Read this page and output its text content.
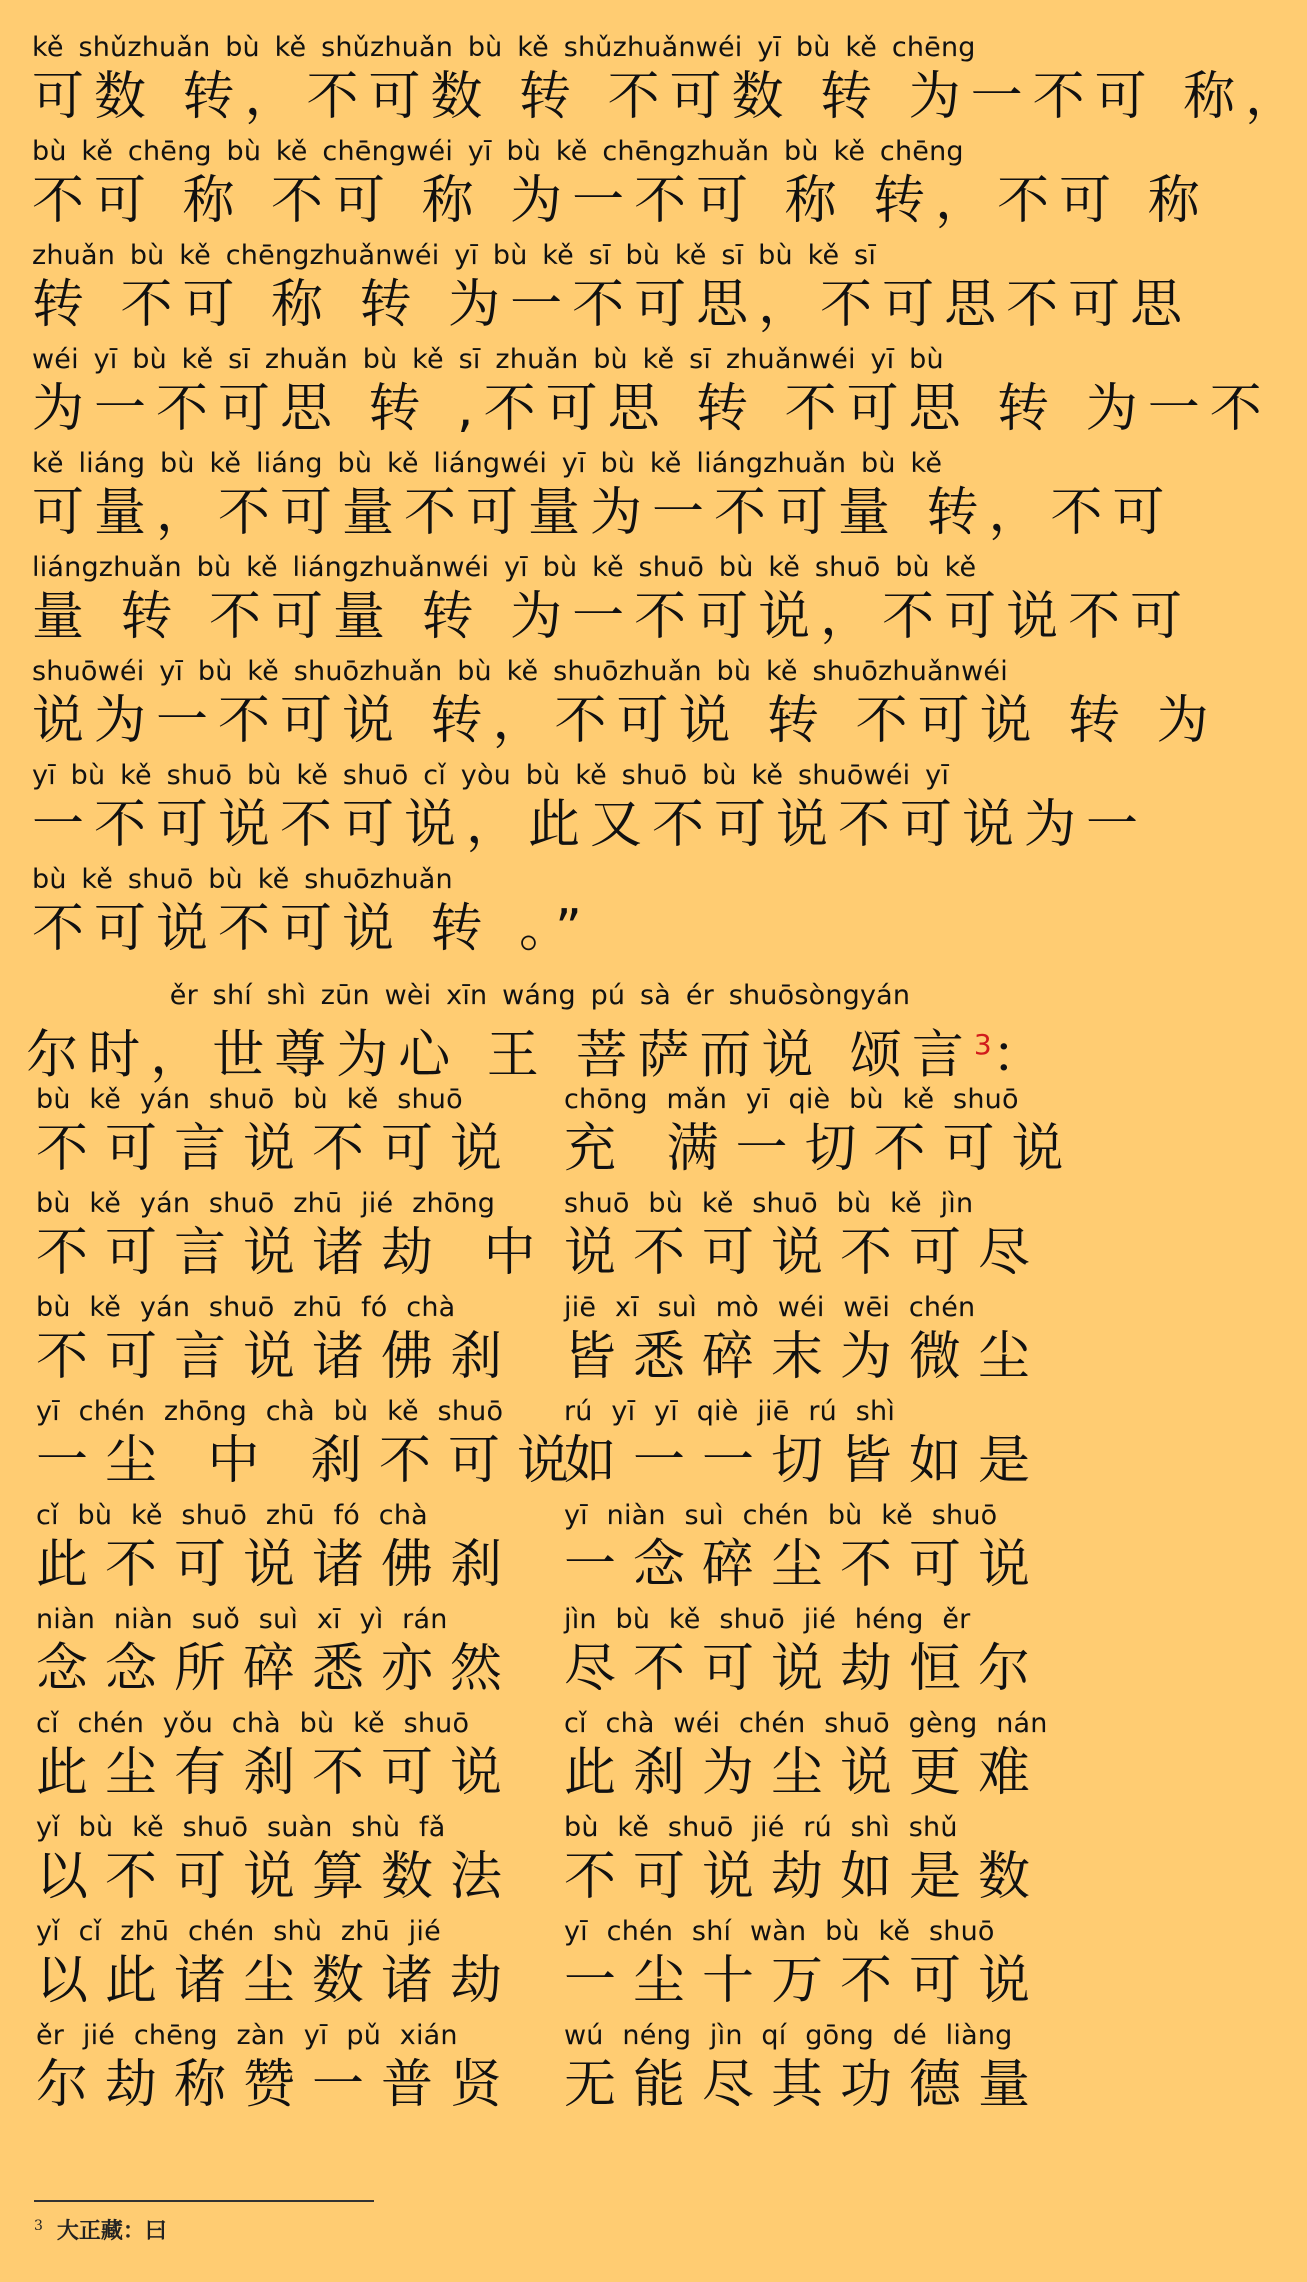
kě shǔzhuǎn bù kě shǔzhuǎn bù kě shǔzhuǎnwéi yī bù kě chēng
可数 转，不可数 转 不可数 转 为一不可 称，
bù kě chēng bù kě chēngwéi yī bù kě chēngzhuǎn bù kě chēng
不可 称 不可 称 为一不可 称 转，不可 称
zhuǎn bù kě chēngzhuǎnwéi yī bù kě sī bù kě sī bù kě sī
转 不可 称 转 为一不可思，不可思不可思
wéi yī bù kě sī zhuǎn bù kě sī zhuǎn bù kě sī zhuǎnwéi yī bù
为一不可思 转 ,不可思 转 不可思 转 为一不
kě liáng bù kě liáng bù kě liángwéi yī bù kě liángzhuǎn bù kě
可量，不可量不可量为一不可量 转，不可
liángzhuǎn bù kě liángzhuǎnwéi yī bù kě shuō bù kě shuō bù kě
量 转 不可量 转 为一不可说，不可说不可
shuōwéi yī bù kě shuōzhuǎn bù kě shuōzhuǎn bù kě shuōzhuǎnwéi
说为一不可说 转，不可说 转 不可说 转 为
yī bù kě shuō bù kě shuō cǐ yòu bù kě shuō bù kě shuōwéi yī
一不可说不可说，此又不可说不可说为一
bù kě shuō bù kě shuōzhuǎn
不可说不可说 转 。”
ěr shí shì zūn wèi xīn wáng pú sà ér shuōsòngyán
尔时，世尊为心 王 菩萨而说 颂言$^3$：
bù kě yán shuō bù kě shuō
不可言说不可说
chōng mǎn yī qiè bù kě shuō
充 满一切不可说
bù kě yán shuō zhū jié zhōng
不可言说诸劫 中
shuō bù kě shuō bù kě jìn
说不可说不可尽
bù kě yán shuō zhū fó chà
不可言说诸佛刹
jiē xī suì mò wéi wēi chén
皆悉碎末为微尘
yī chén zhōng chà bù kě shuō
一尘 中 刹不可说
rú yī yī qiè jiē rú shì
如一一切皆如是
cǐ bù kě shuō zhū fó chà
此不可说诸佛刹
yī niàn suì chén bù kě shuō
一念碎尘不可说
niàn niàn suǒ suì xī yì rán
念念所碎悉亦然
jìn bù kě shuō jié héng ěr
尽不可说劫恒尔
cǐ chén yǒu chà bù kě shuō
此尘有刹不可说
cǐ chà wéi chén shuō gèng nán
此刹为尘说更难
yǐ bù kě shuō suàn shù fǎ
以不可说算数法
bù kě shuō jié rú shì shǔ
不可说劫如是数
yǐ cǐ zhū chén shù zhū jié
以此诸尘数诸劫
yī chén shí wàn bù kě shuō
一尘十万不可说
ěr jié chēng zàn yī pǔ xián
尔劫称赞一普贤
wú néng jìn qí gōng dé liàng
无能尽其功德量
$^3$ 大正藏：曰
